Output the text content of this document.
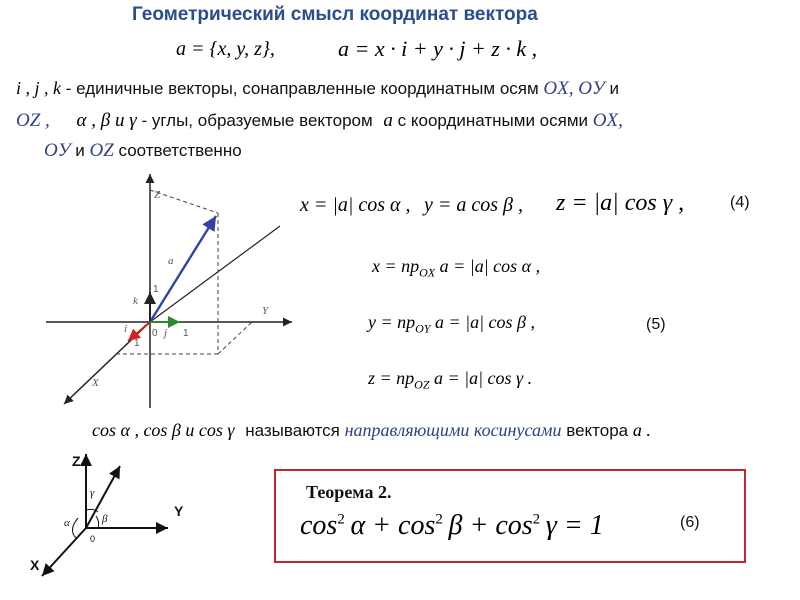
Геометрический смысл координат вектора
a = {x, y, z},	a = x · i + y · j + z · k ,
i , j , k - единичные векторы, сонаправленные координатным осям OX, OУ и
OZ , α , β и γ - углы, образуемые вектором a с координатными осями OX,
OУ и OZ соответственно
Z
Y
X
a
k
i	j
0
1
1
1
x = |a| cos α , y = a cos β , z = |a| cos γ ,	(4)
$x = пр_{OX}$ a = |a| cos α ,
$y = пр_{OY}$ a = |a| cos β ,	(5)
$z = пр_{OZ}$ a = |a| cos γ .
cos α , cos β и cos γ называются направляющими косинусами вектора a .
Z
Y
X
α	β
γ
0
Теорема 2.
$\cos^2 \alpha + \cos^2 \beta + \cos^2 \gamma = 1$	(6)
